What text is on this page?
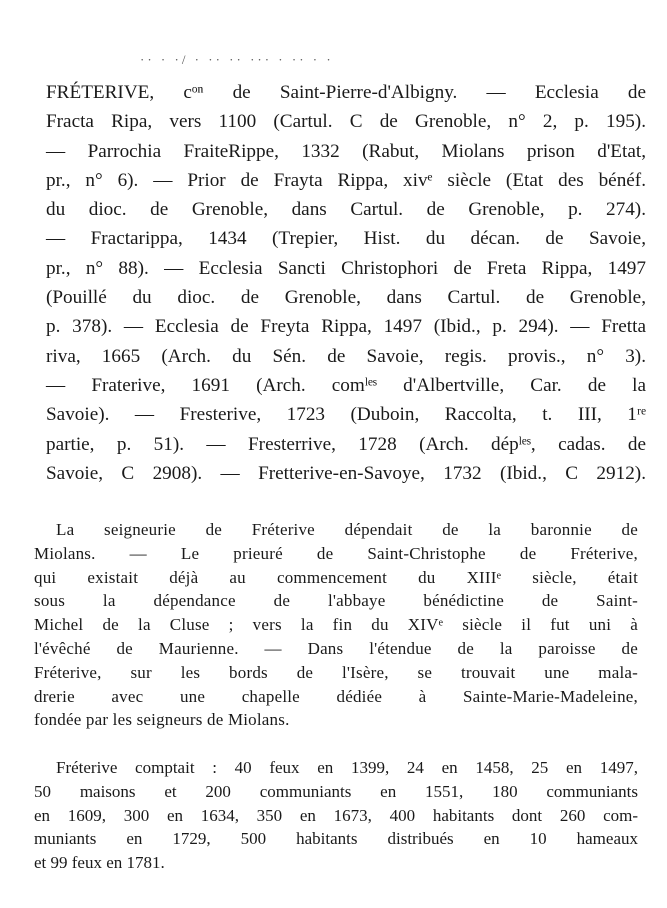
·· · ·/ · ·· ·· ··· · ·· · ·
FRÉTERIVE, cᵒⁿ de Saint-Pierre-d'Albigny. — Ecclesia de
Fracta Ripa, vers 1100 (Cartul. C de Grenoble, n° 2, p. 195).
— Parrochia FraiteRippe, 1332 (Rabut, Miolans prison d'Etat,
pr., n° 6). — Prior de Frayta Rippa, xivᵉ siècle (Etat des bénéf.
du dioc. de Grenoble, dans Cartul. de Grenoble, p. 274).
— Fractarippa, 1434 (Trepier, Hist. du décan. de Savoie,
pr., n° 88). — Ecclesia Sancti Christophori de Freta Rippa, 1497
(Pouillé du dioc. de Grenoble, dans Cartul. de Grenoble,
p. 378). — Ecclesia de Freyta Rippa, 1497 (Ibid., p. 294). — Fretta
riva, 1665 (Arch. du Sén. de Savoie, regis. provis., n° 3).
— Fraterive, 1691 (Arch. comˡᵉˢ d'Albertville, Car. de la
Savoie). — Fresterive, 1723 (Duboin, Raccolta, t. III, 1ʳᵉ
partie, p. 51). — Fresterrive, 1728 (Arch. dépˡᵉˢ, cadas. de
Savoie, C 2908). — Fretterive-en-Savoye, 1732 (Ibid., C 2912).
La seigneurie de Fréterive dépendait de la baronnie de
Miolans. — Le prieuré de Saint-Christophe de Fréterive,
qui existait déjà au commencement du XIIIᵉ siècle, était
sous la dépendance de l'abbaye bénédictine de Saint-
Michel de la Cluse ; vers la fin du XIVᵉ siècle il fut uni à
l'évêché de Maurienne. — Dans l'étendue de la paroisse de
Fréterive, sur les bords de l'Isère, se trouvait une mala-
drerie avec une chapelle dédiée à Sainte-Marie-Madeleine,
fondée par les seigneurs de Miolans.
Fréterive comptait : 40 feux en 1399, 24 en 1458, 25 en 1497,
50 maisons et 200 communiants en 1551, 180 communiants
en 1609, 300 en 1634, 350 en 1673, 400 habitants dont 260 com-
muniants en 1729, 500 habitants distribués en 10 hameaux
et 99 feux en 1781.
